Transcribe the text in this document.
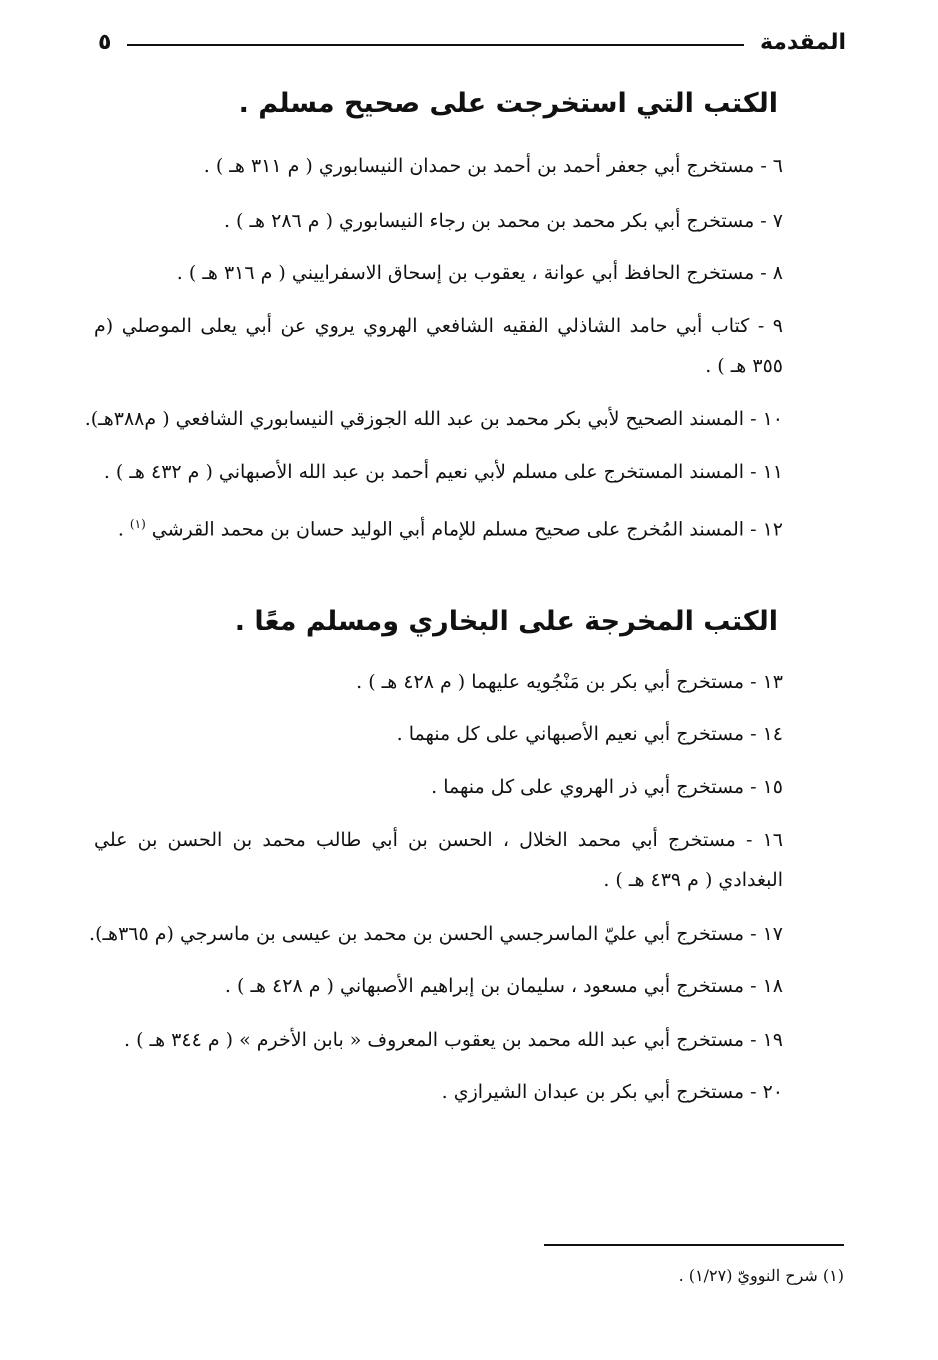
المقدمة
٥
الكتب التي استخرجت على صحيح مسلم .
٦ - مستخرج أبي جعفر أحمد بن أحمد بن حمدان النيسابوري ( م ٣١١ هـ ) .
٧ - مستخرج أبي بكر محمد بن محمد بن رجاء النيسابوري ( م ٢٨٦ هـ ) .
٨ - مستخرج الحافظ أبي عوانة ، يعقوب بن إسحاق الاسفراييني ( م ٣١٦ هـ ) .
٩ - كتاب أبي حامد الشاذلي الفقيه الشافعي الهروي يروي عن أبي يعلى الموصلي (م ٣٥٥ هـ ) .
١٠ - المسند الصحيح لأبي بكر محمد بن عبد الله الجوزقي النيسابوري الشافعي ( م٣٨٨هـ).
١١ - المسند المستخرج على مسلم لأبي نعيم أحمد بن عبد الله الأصبهاني ( م ٤٣٢ هـ ) .
١٢ - المسند المُخرج على صحيح مسلم للإمام أبي الوليد حسان بن محمد القرشي $^{(١)}$ .
الكتب المخرجة على البخاري ومسلم معًا .
١٣ - مستخرج أبي بكر بن مَنْجُويه عليهما ( م ٤٢٨ هـ ) .
١٤ - مستخرج أبي نعيم الأصبهاني على كل منهما .
١٥ - مستخرج أبي ذر الهروي على كل منهما .
١٦ - مستخرج أبي محمد الخلال ، الحسن بن أبي طالب محمد بن الحسن بن علي البغدادي ( م ٤٣٩ هـ ) .
١٧ - مستخرج أبي عليّ الماسرجسي الحسن بن محمد بن عيسى بن ماسرجي (م ٣٦٥هـ).
١٨ - مستخرج أبي مسعود ، سليمان بن إبراهيم الأصبهاني ( م ٤٢٨ هـ ) .
١٩ - مستخرج أبي عبد الله محمد بن يعقوب المعروف « بابن الأخرم » ( م ٣٤٤ هـ ) .
٢٠ - مستخرج أبي بكر بن عبدان الشيرازي .
(١) شرح النوويّ (١/٢٧) .
